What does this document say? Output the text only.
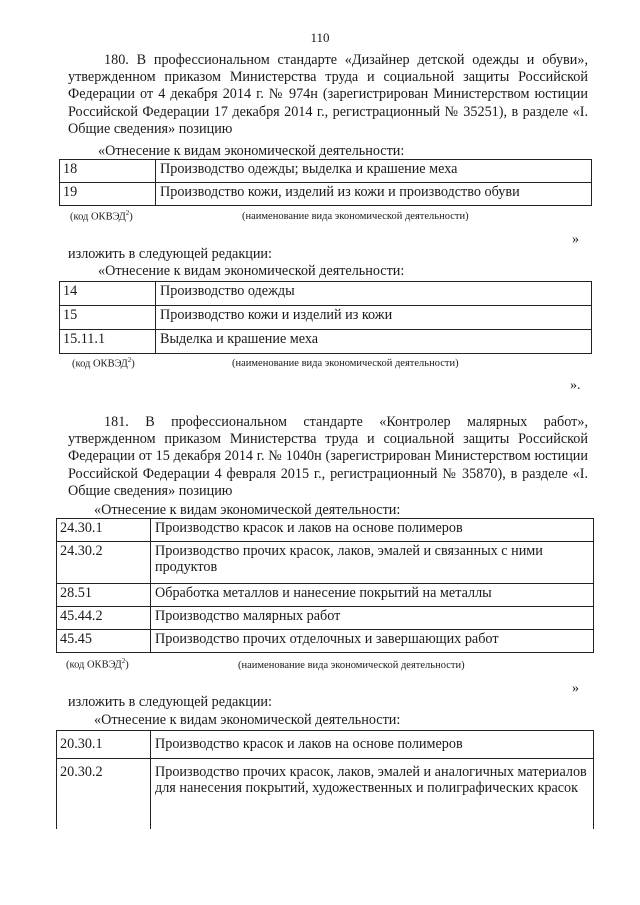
110
180. В профессиональном стандарте «Дизайнер детской одежды и обуви», утвержденном приказом Министерства труда и социальной защиты Российской Федерации от 4 декабря 2014 г. № 974н (зарегистрирован Министерством юстиции Российской Федерации 17 декабря 2014 г., регистрационный № 35251), в разделе «I. Общие сведения» позицию
«Отнесение к видам экономической деятельности:
18	Производство одежды; выделка и крашение меха
19	Производство кожи, изделий из кожи и производство обуви
(код ОКВЭД$^2$)	(наименование вида экономической деятельности)
»
изложить в следующей редакции:
«Отнесение к видам экономической деятельности:
14	Производство одежды
15	Производство кожи и изделий из кожи
15.11.1	Выделка и крашение меха
(код ОКВЭД$^2$)	(наименование вида экономической деятельности)
».
181. В профессиональном стандарте «Контролер малярных работ», утвержденном приказом Министерства труда и социальной защиты Российской Федерации от 15 декабря 2014 г. № 1040н (зарегистрирован Министерством юстиции Российской Федерации 4 февраля 2015 г., регистрационный № 35870), в разделе «I. Общие сведения» позицию
«Отнесение к видам экономической деятельности:
24.30.1	Производство красок и лаков на основе полимеров
24.30.2	Производство прочих красок, лаков, эмалей и связанных с ними продуктов
28.51	Обработка металлов и нанесение покрытий на металлы
45.44.2	Производство малярных работ
45.45	Производство прочих отделочных и завершающих работ
(код ОКВЭД$^2$)	(наименование вида экономической деятельности)
»
изложить в следующей редакции:
«Отнесение к видам экономической деятельности:
20.30.1	Производство красок и лаков на основе полимеров
20.30.2	Производство прочих красок, лаков, эмалей и аналогичных материалов для нанесения покрытий, художественных и полиграфических красок
